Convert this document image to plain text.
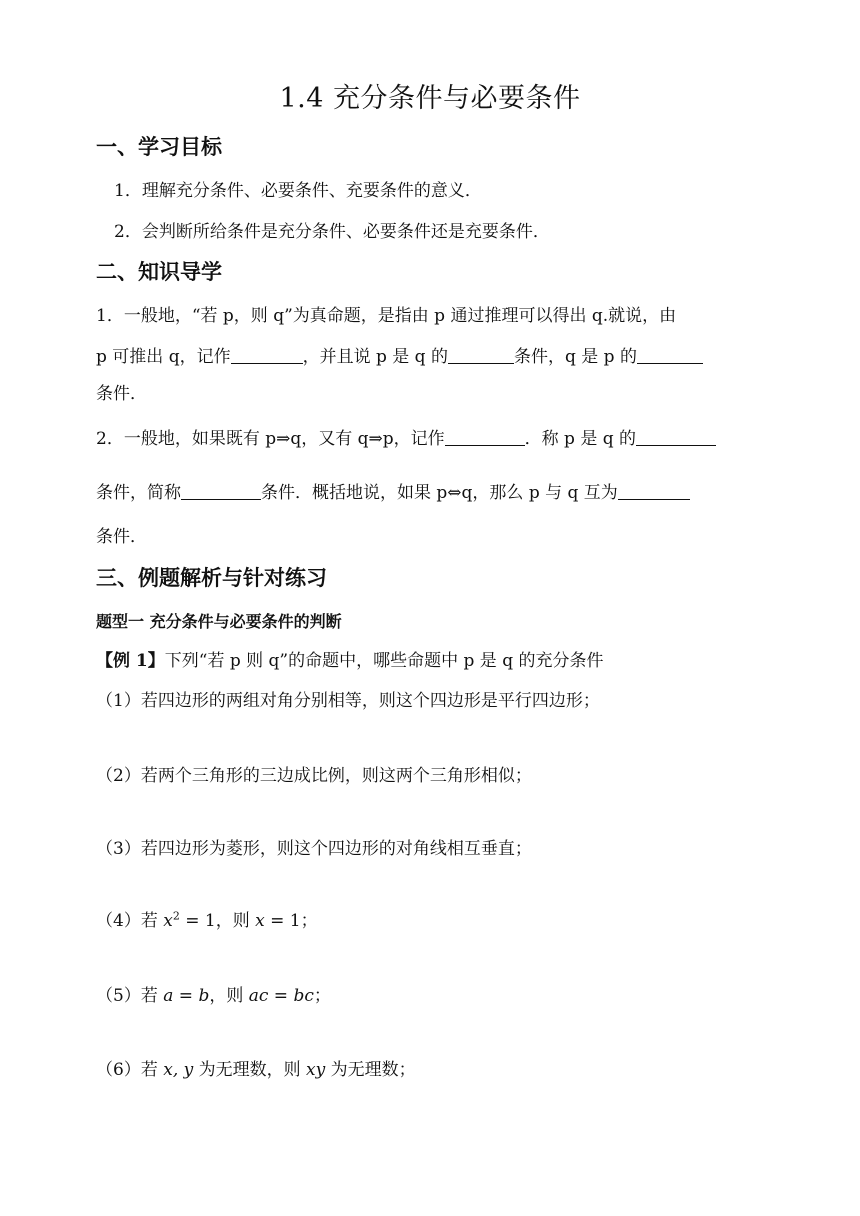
1.4 充分条件与必要条件
一、学习目标
1．理解充分条件、必要条件、充要条件的意义．
2．会判断所给条件是充分条件、必要条件还是充要条件．
二、知识导学
1．一般地，“若 p，则 q”为真命题，是指由 p 通过推理可以得出 q.就说，由
p 可推出 q，记作	，并且说 p 是 q 的	条件，q 是 p 的
条件．
2．一般地，如果既有 p⇒q，又有 q⇒p，记作	．称 p 是 q 的
条件，简称	条件．概括地说，如果 p⇔q，那么 p 与 q 互为
条件．
三、例题解析与针对练习
题型一 充分条件与必要条件的判断
【例 1】下列“若 p 则 q”的命题中，哪些命题中 p 是 q 的充分条件
（1）若四边形的两组对角分别相等，则这个四边形是平行四边形；
（2）若两个三角形的三边成比例，则这两个三角形相似；
（3）若四边形为菱形，则这个四边形的对角线相互垂直；
（4）若 $x^2 = 1$，则 x = 1；
（5）若 a = b，则 ac = bc；
（6）若 x, y 为无理数，则 xy 为无理数；
